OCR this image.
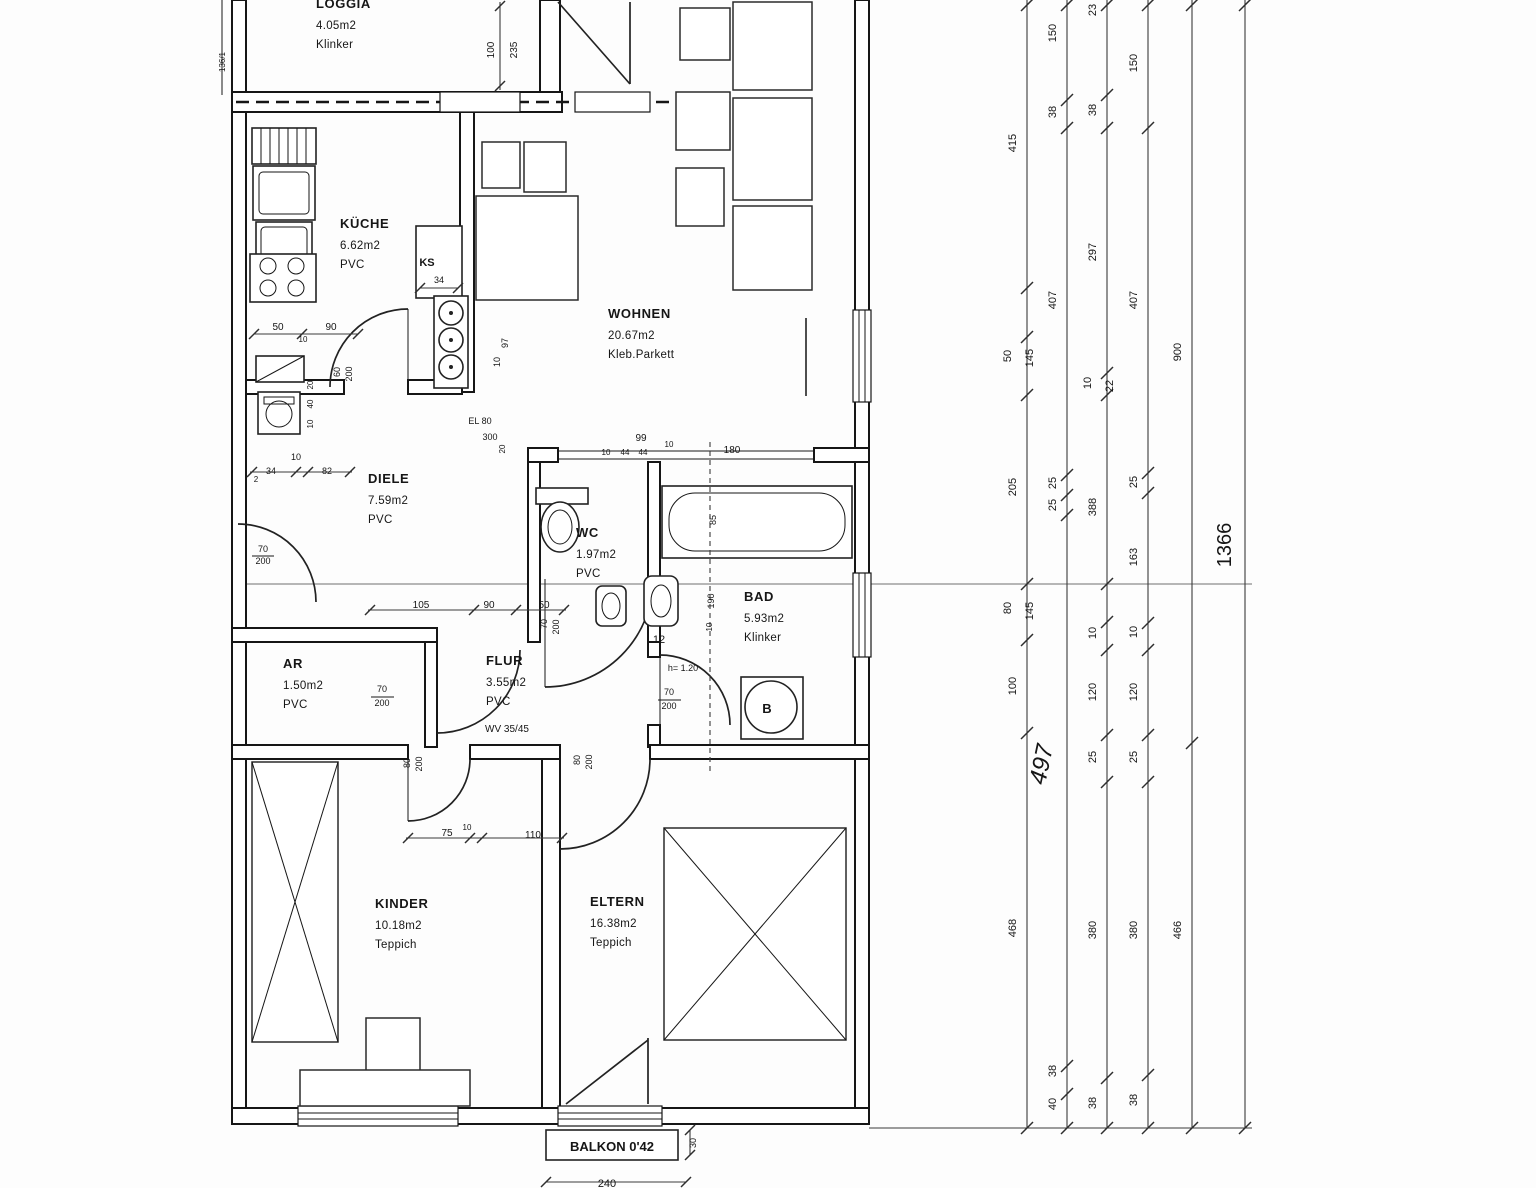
LOGGIA
4.05m2
Klinker
KÜCHE
6.62m2
PVC
WOHNEN
20.67m2
Kleb.Parkett
DIELE
7.59m2
PVC
WC
1.97m2
PVC
BAD
5.93m2
Klinker
AR
1.50m2
PVC
FLUR
3.55m2
PVC
KINDER
10.18m2
Teppich
ELTERN
16.38m2
Teppich
100 235
50	90
10
60 200
20
40
10
KS
34
10
34	82
2
EL 80
300
20
97
10
99
10 44 44
10
180
70
200
105	90	50
70 200
12
h= 1.20
85
190
10
70
200
70
200
WV 35/45
80 200	80 200
75
10
110
BALKON 0'42	30
240
136/1
497
B
415
50 145
205
80 145
100
468
150
38
407
25
25
38
40
23
38
297
10 22
388
10
120
25
380
38
150
407
25
163
10
120
25
380
38
900
466
1366
